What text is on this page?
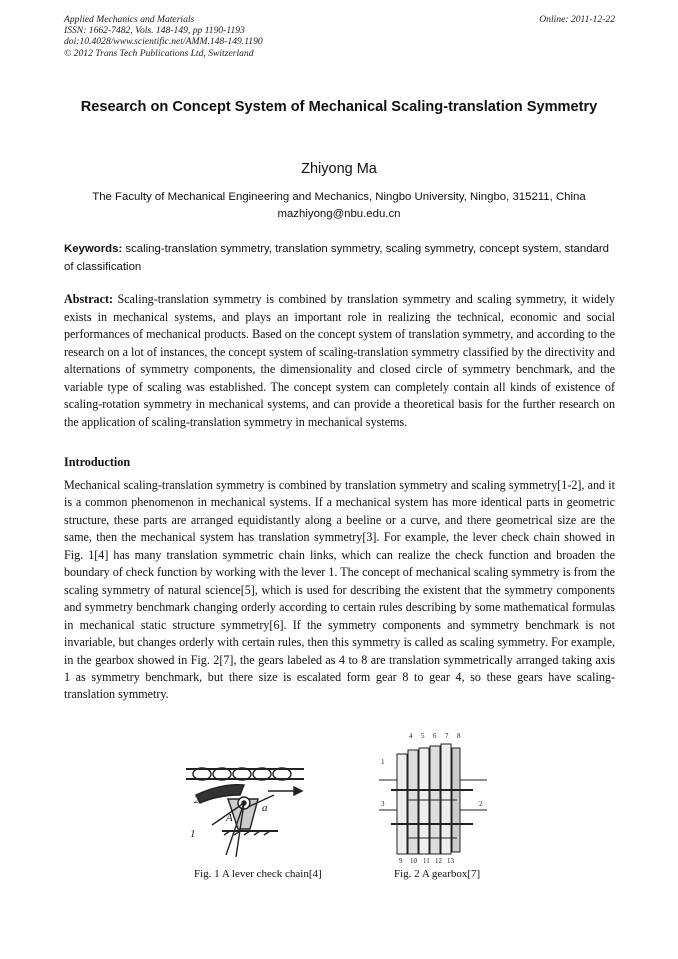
Applied Mechanics and Materials
ISSN: 1662-7482, Vols. 148-149, pp 1190-1193
doi:10.4028/www.scientific.net/AMM.148-149.1190
© 2012 Trans Tech Publications Ltd, Switzerland
Online: 2011-12-22
Research on Concept System of Mechanical Scaling-translation Symmetry
Zhiyong Ma
The Faculty of Mechanical Engineering and Mechanics, Ningbo University, Ningbo, 315211, China
mazhiyong@nbu.edu.cn
Keywords: scaling-translation symmetry, translation symmetry, scaling symmetry, concept system, standard of classification
Abstract: Scaling-translation symmetry is combined by translation symmetry and scaling symmetry, it widely exists in mechanical systems, and plays an important role in realizing the technical, economic and social performances of mechanical products. Based on the concept system of translation symmetry, and according to the research on a lot of instances, the concept system of scaling-translation symmetry classified by the directivity and alternations of symmetry components, the dimensionality and closed circle of symmetry benchmark, and the variable type of scaling was established. The concept system can completely contain all kinds of existence of scaling-rotation symmetry in mechanical systems, and can provide a theoretical basis for the further research on the application of scaling-translation symmetry in mechanical systems.
Introduction
Mechanical scaling-translation symmetry is combined by translation symmetry and scaling symmetry[1-2], and it is a common phenomenon in mechanical systems. If a mechanical system has more identical parts in geometric structure, these parts are arranged equidistantly along a beeline or a curve, and there geometrical size are the same, then the mechanical system has translation symmetry[3]. For example, the lever check chain showed in Fig. 1[4] has many translation symmetric chain links, which can realize the check function and broaden the boundary of check function by working with the lever 1. The concept of mechanical scaling symmetry is from the scaling symmetry of natural science[5], which is used for describing the existent that the symmetry components and symmetry benchmark changing orderly according to certain rules describing by some mathematical formulas in mechanical static structure symmetry[6]. If the symmetry components and symmetry benchmark is not invariable, but changes orderly with certain rules, then this symmetry is called as scaling symmetry. For example, in the gearbox showed in Fig. 2[7], the gears labeled as 4 to 8 are translation symmetrically arranged taking axis 1 as symmetry benchmark, but there size is escalated form gear 8 to gear 4, so these gears have scaling-translation symmetry.
2
A
a
1
Fig. 1 A lever check chain[4]
4 5 6 7 8
9 10 11 12 13
1
3	2
Fig. 2 A gearbox[7]
